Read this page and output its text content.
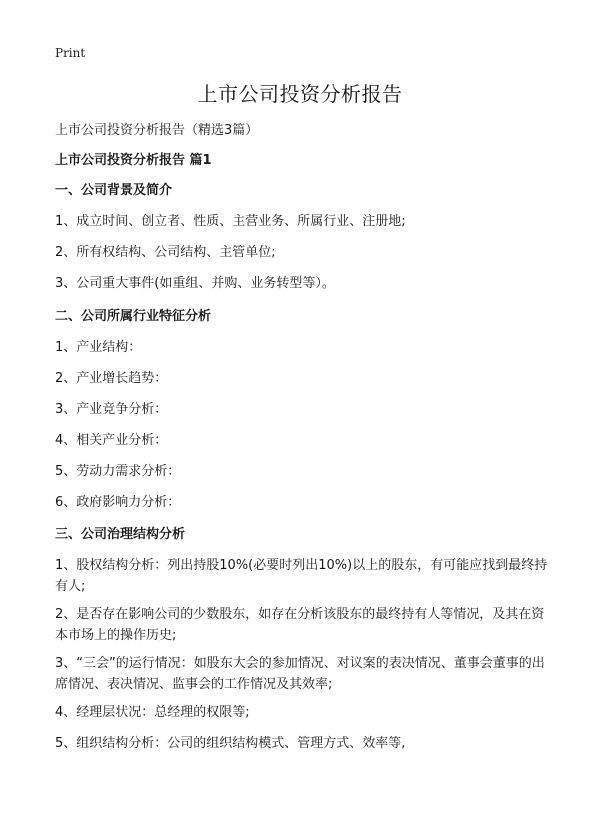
Print
上市公司投资分析报告
上市公司投资分析报告（精选3篇）
上市公司投资分析报告 篇1
一、公司背景及简介
1、成立时间、创立者、性质、主营业务、所属行业、注册地;
2、所有权结构、公司结构、主管单位;
3、公司重大事件(如重组、并购、业务转型等）。
二、公司所属行业特征分析
1、产业结构：
2、产业增长趋势：
3、产业竞争分析：
4、相关产业分析：
5、劳动力需求分析：
6、政府影响力分析：
三、公司治理结构分析
1、股权结构分析：列出持股10%(必要时列出10%)以上的股东，有可能应找到最终持有人;
2、是否存在影响公司的少数股东，如存在分析该股东的最终持有人等情况，及其在资本市场上的操作历史;
3、“三会”的运行情况：如股东大会的参加情况、对议案的表决情况、董事会董事的出席情况、表决情况、监事会的工作情况及其效率;
4、经理层状况：总经理的权限等;
5、组织结构分析：公司的组织结构模式、管理方式、效率等,
